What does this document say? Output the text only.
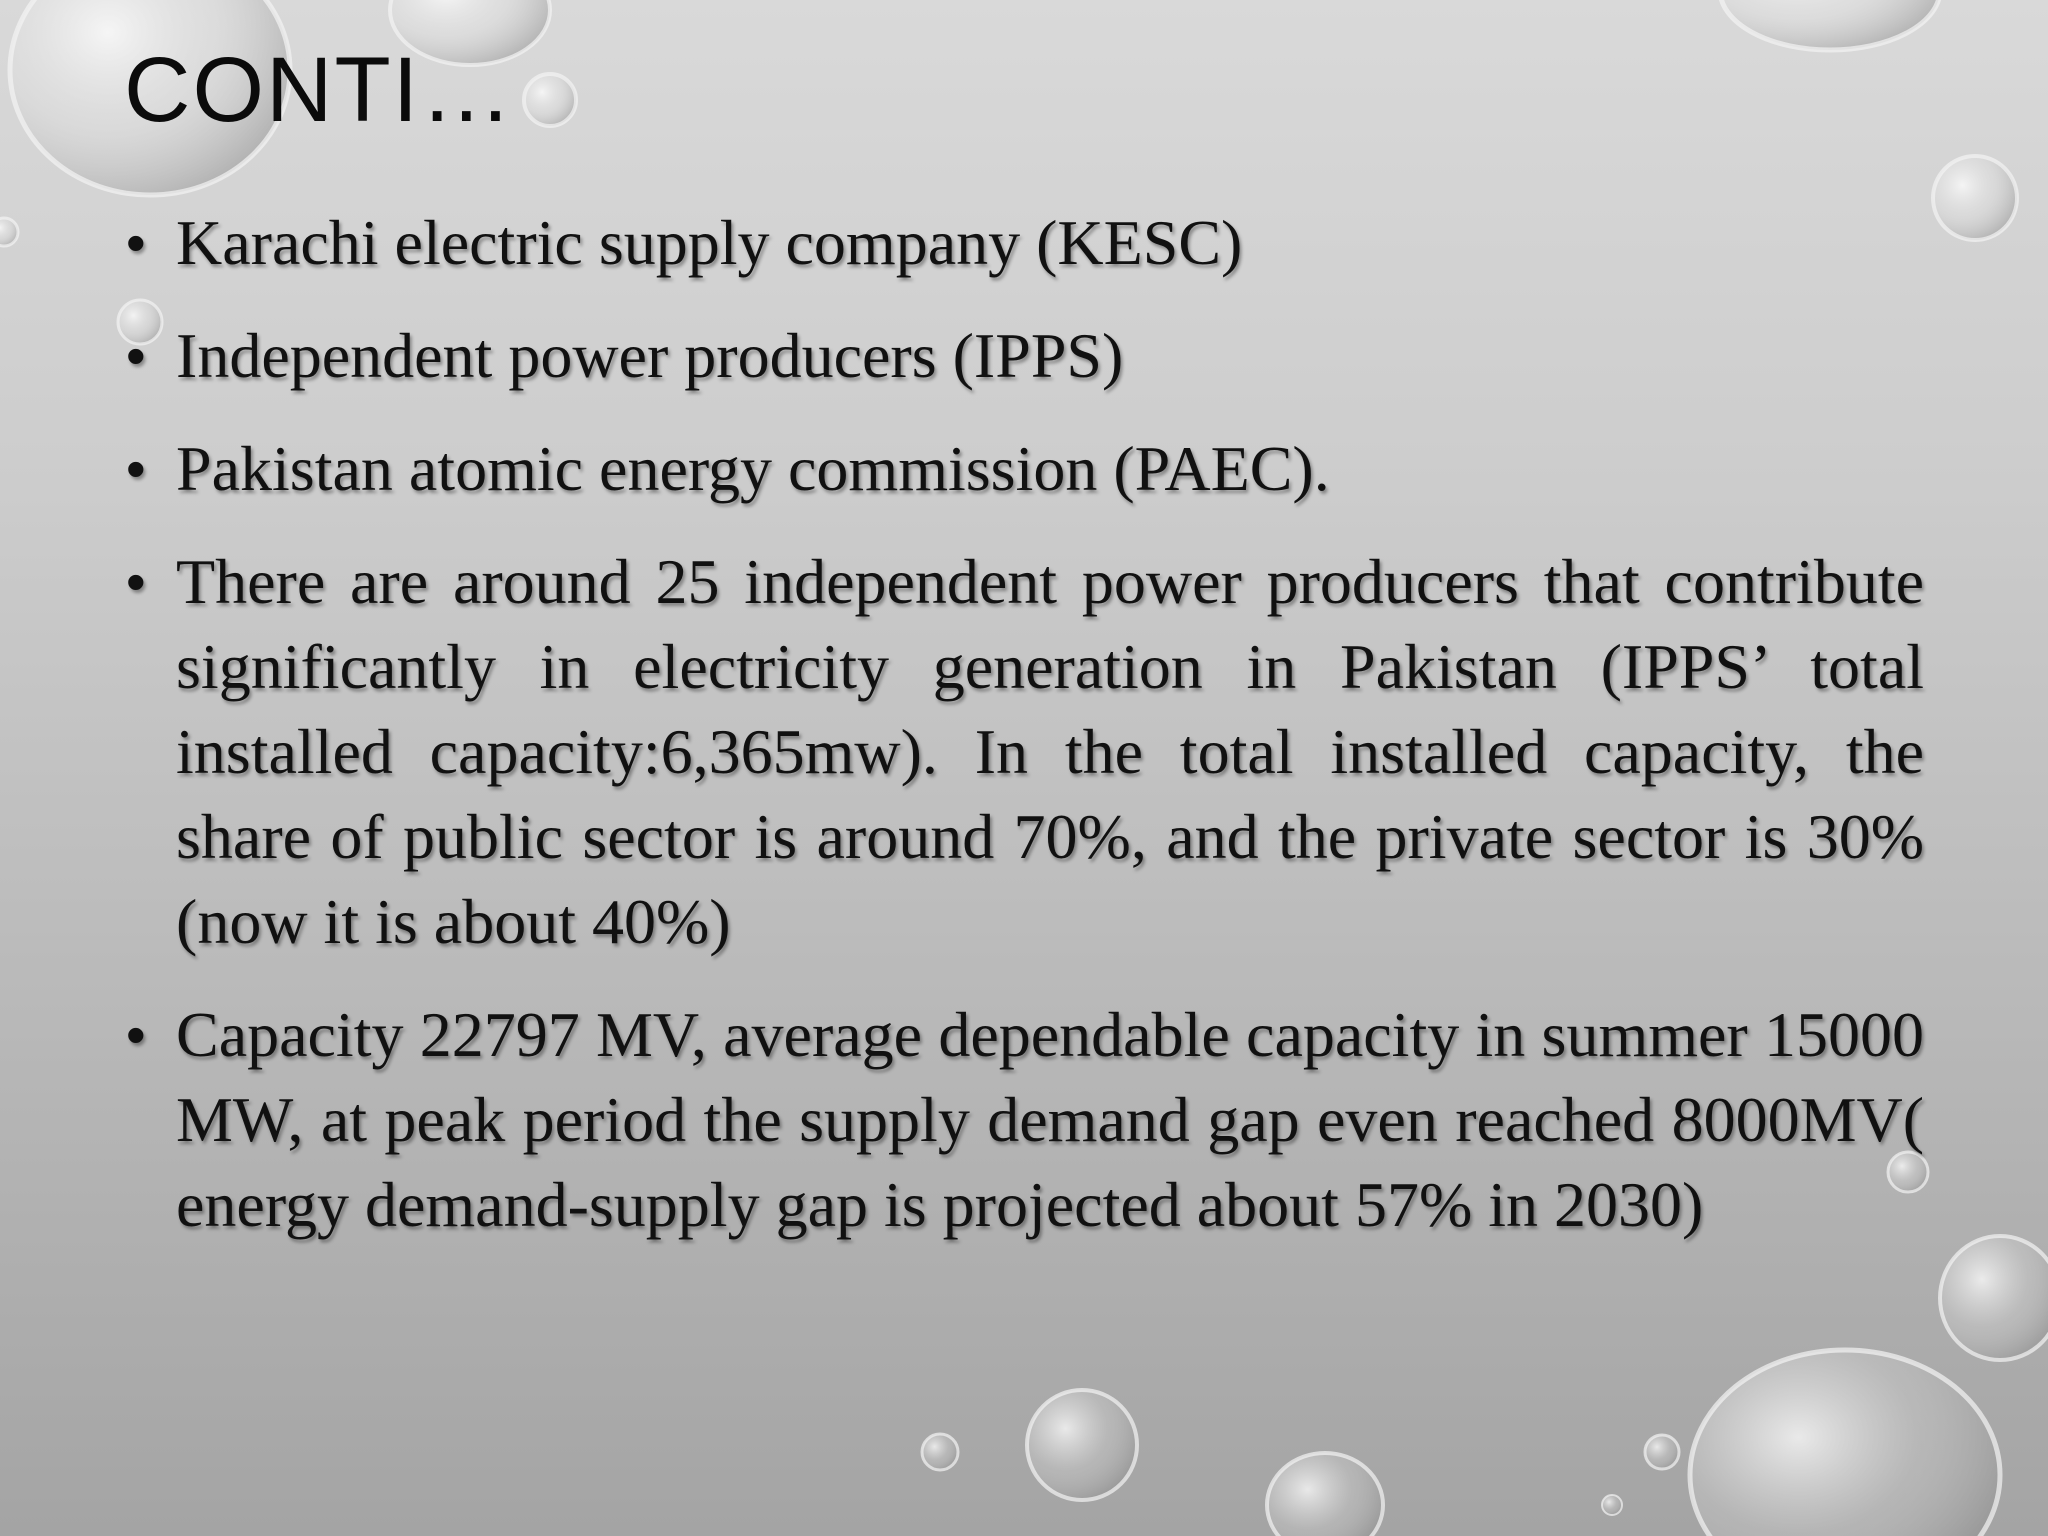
CONTI…
• Karachi electric supply company (KESC)
• Independent power producers (IPPS)
• Pakistan atomic energy commission (PAEC).
• There are around 25 independent power producers that contribute significantly in electricity generation in Pakistan (IPPS’ total installed capacity:6,365mw). In the total installed capacity, the share of public sector is around 70%, and the private sector is 30% (now it is about 40%)
• Capacity 22797 MV, average dependable capacity in summer 15000 MW, at peak period the supply demand gap even reached 8000MV( energy demand-supply gap is projected about 57% in 2030)
